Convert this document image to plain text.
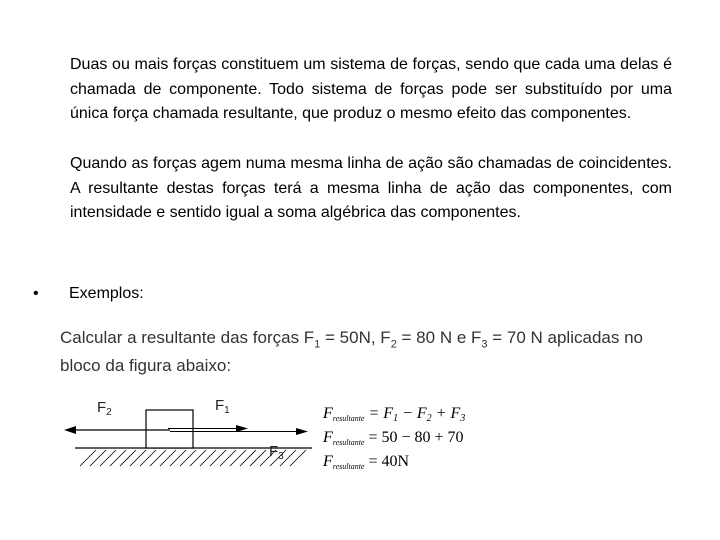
Duas ou mais forças constituem um sistema de forças, sendo que cada uma delas é chamada de componente. Todo sistema de forças pode ser substituído por uma única força chamada resultante, que produz o mesmo efeito das componentes.
Quando as forças agem numa mesma linha de ação são chamadas de coincidentes. A resultante destas forças terá a mesma linha de ação das componentes, com intensidade e sentido igual a soma algébrica das componentes.
• Exemplos:
Calcular a resultante das forças $F_1 = 50N$, $F_2 = 80$ N e $F_3 = 70$ N aplicadas no
bloco da figura abaixo:
$F_2$	$F_1$
$F_3$
$F_{resultante} = F1 - F2 + F3$
$F_{resultante} = 50 - 80 + 70$
$F_{resultante} = 40N$
